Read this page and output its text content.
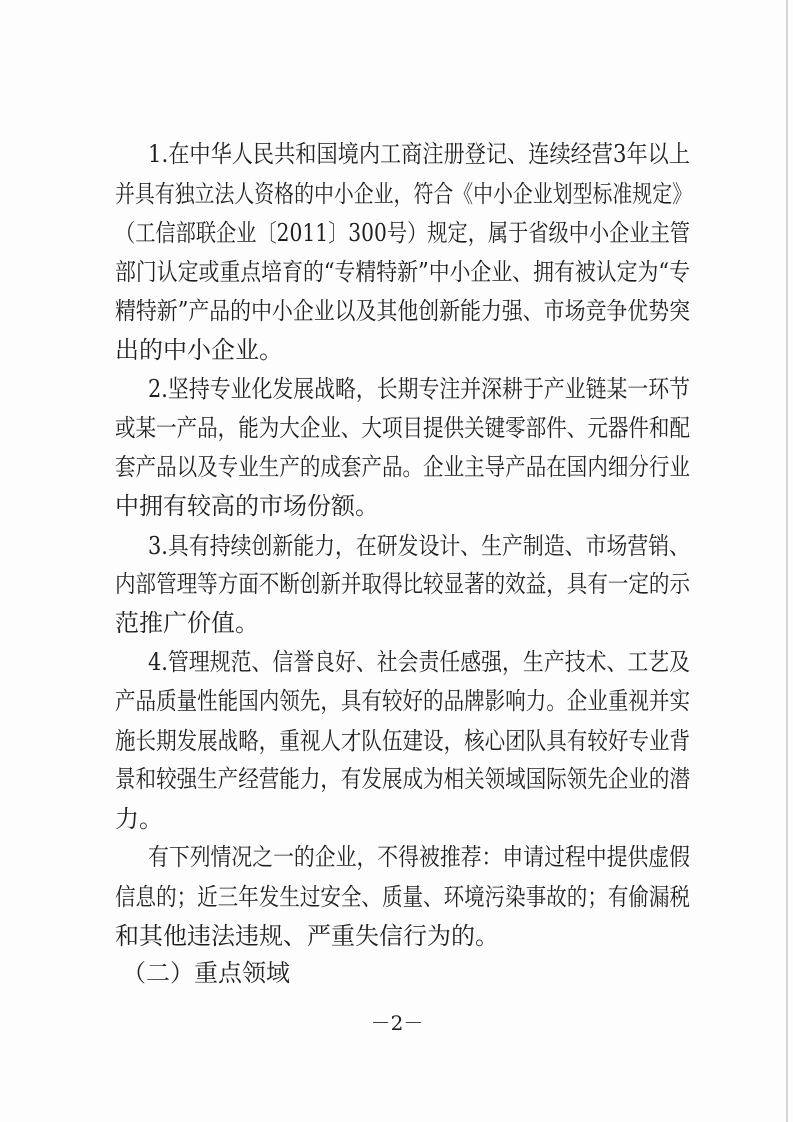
1.在中华人民共和国境内工商注册登记、连续经营3年以上
并具有独立法人资格的中小企业，符合《中小企业划型标准规定》
（工信部联企业〔2011〕300号）规定，属于省级中小企业主管
部门认定或重点培育的“专精特新”中小企业、拥有被认定为“专
精特新”产品的中小企业以及其他创新能力强、市场竞争优势突
出的中小企业。
2.坚持专业化发展战略，长期专注并深耕于产业链某一环节
或某一产品，能为大企业、大项目提供关键零部件、元器件和配
套产品以及专业生产的成套产品。企业主导产品在国内细分行业
中拥有较高的市场份额。
3.具有持续创新能力，在研发设计、生产制造、市场营销、
内部管理等方面不断创新并取得比较显著的效益，具有一定的示
范推广价值。
4.管理规范、信誉良好、社会责任感强，生产技术、工艺及
产品质量性能国内领先，具有较好的品牌影响力。企业重视并实
施长期发展战略，重视人才队伍建设，核心团队具有较好专业背
景和较强生产经营能力，有发展成为相关领域国际领先企业的潜
力。
有下列情况之一的企业，不得被推荐：申请过程中提供虚假
信息的；近三年发生过安全、质量、环境污染事故的；有偷漏税
和其他违法违规、严重失信行为的。
（二）重点领域
－2－
